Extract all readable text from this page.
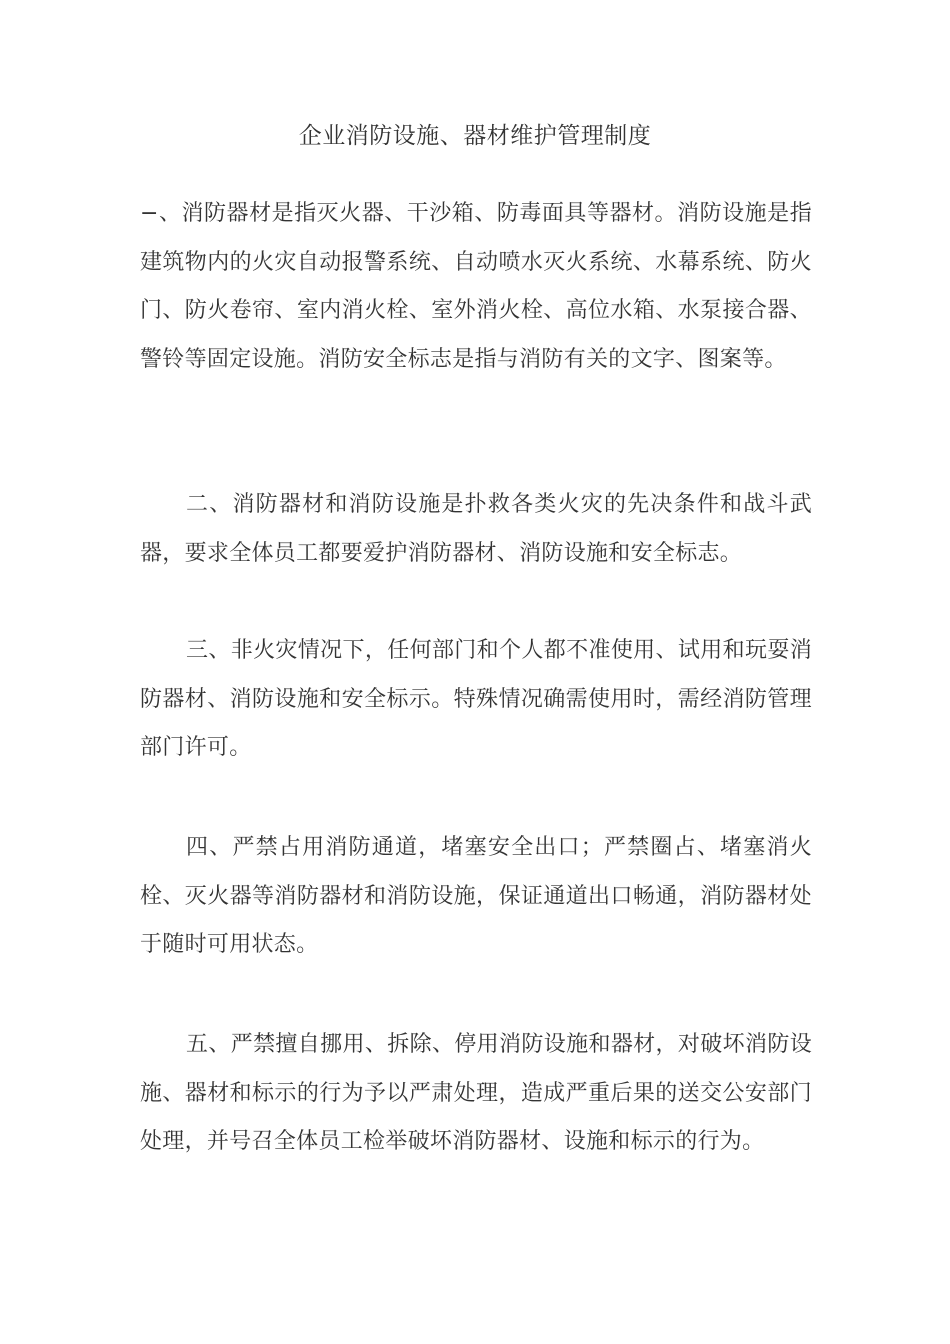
企业消防设施、器材维护管理制度
−、消防器材是指灭火器、干沙箱、防毒面具等器材。消防设施是指建筑物内的火灾自动报警系统、自动喷水灭火系统、水幕系统、防火门、防火卷帘、室内消火栓、室外消火栓、高位水箱、水泵接合器、警铃等固定设施。消防安全标志是指与消防有关的文字、图案等。
二、消防器材和消防设施是扑救各类火灾的先决条件和战斗武器，要求全体员工都要爱护消防器材、消防设施和安全标志。
三、非火灾情况下，任何部门和个人都不准使用、试用和玩耍消防器材、消防设施和安全标示。特殊情况确需使用时，需经消防管理部门许可。
四、严禁占用消防通道，堵塞安全出口；严禁圈占、堵塞消火栓、灭火器等消防器材和消防设施，保证通道出口畅通，消防器材处于随时可用状态。
五、严禁擅自挪用、拆除、停用消防设施和器材，对破坏消防设施、器材和标示的行为予以严肃处理，造成严重后果的送交公安部门处理，并号召全体员工检举破坏消防器材、设施和标示的行为。
